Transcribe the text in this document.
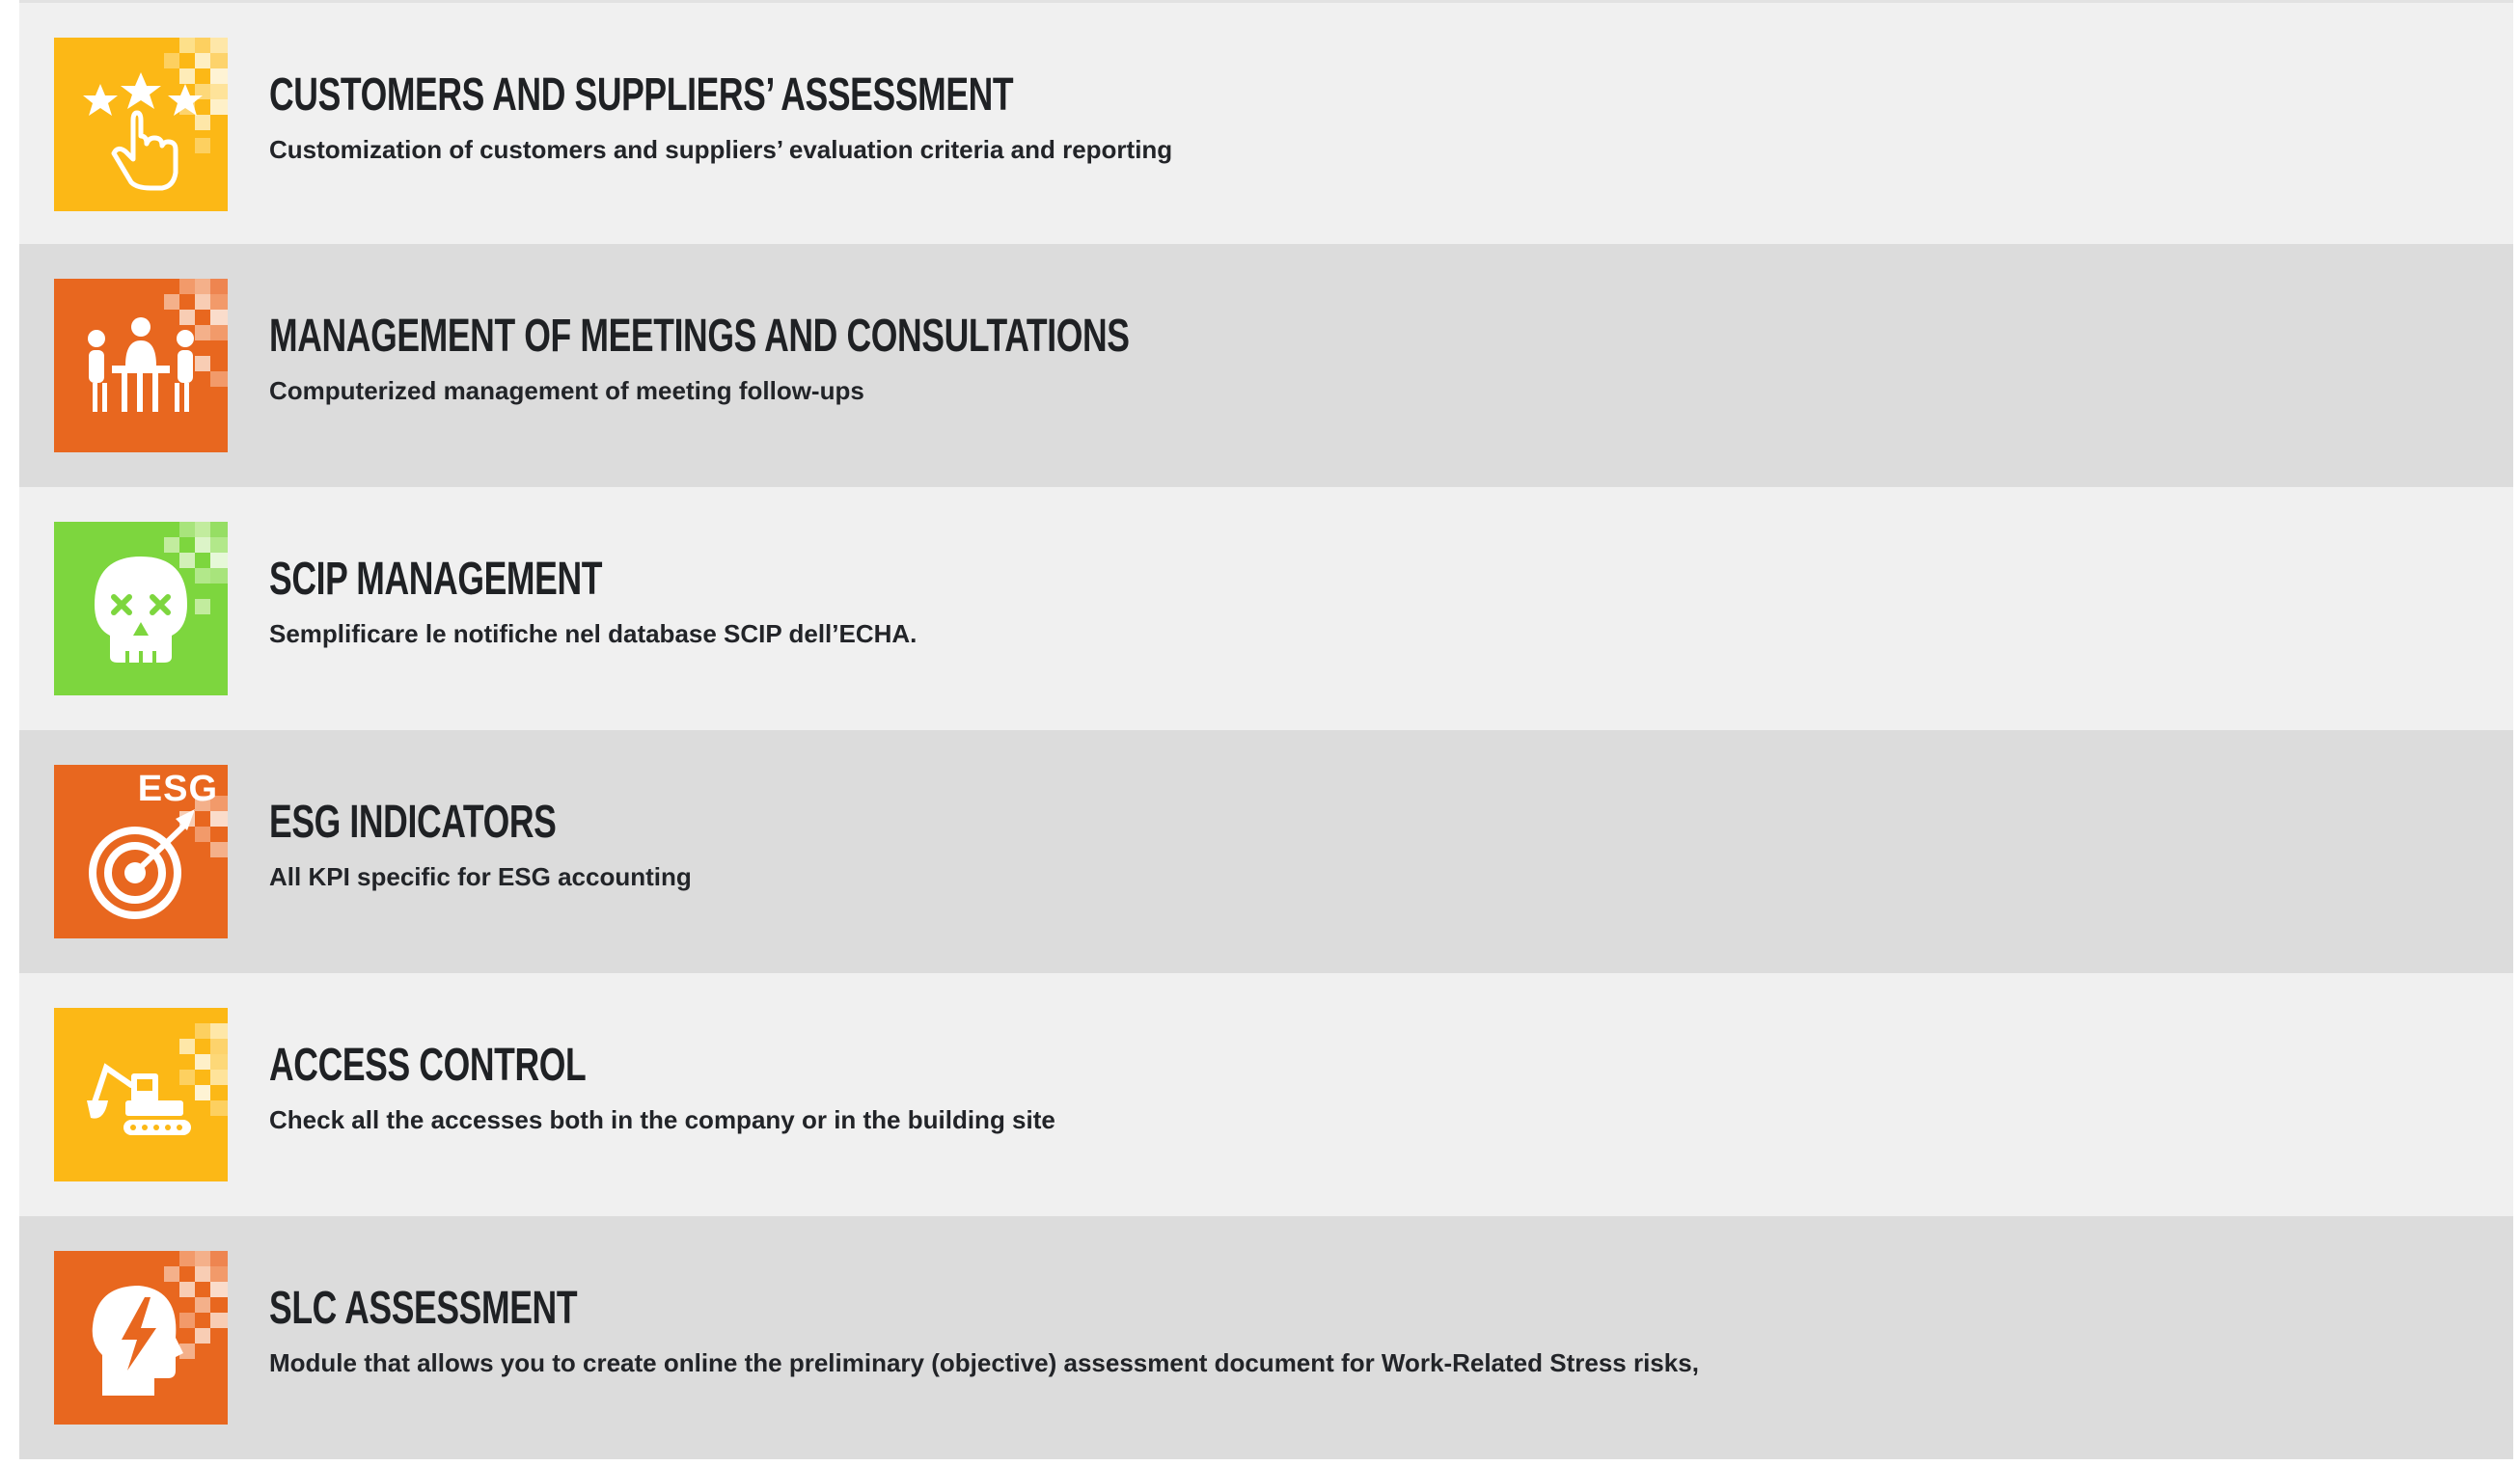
CUSTOMERS AND SUPPLIERS’ ASSESSMENT
Customization of customers and suppliers’ evaluation criteria and reporting
MANAGEMENT OF MEETINGS AND CONSULTATIONS
Computerized management of meeting follow-ups
SCIP MANAGEMENT
Semplificare le notifiche nel database SCIP dell’ECHA.
ESG
ESG INDICATORS
All KPI specific for ESG accounting
ACCESS CONTROL
Check all the accesses both in the company or in the building site
SLC ASSESSMENT
Module that allows you to create online the preliminary (objective) assessment document for Work-Related Stress risks,
